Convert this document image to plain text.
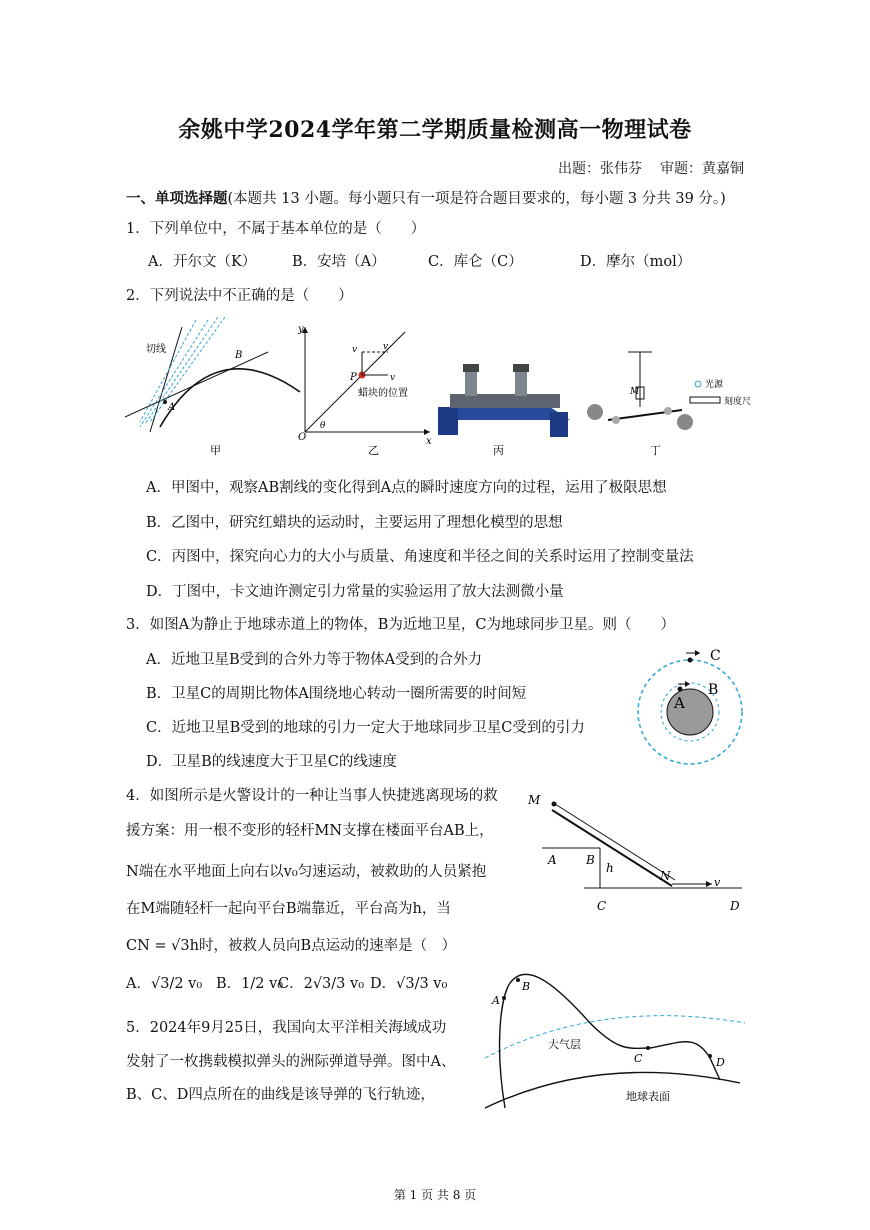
余姚中学2024学年第二学期质量检测高一物理试卷
出题：张伟芬 审题：黄嘉铜
一、单项选择题(本题共 13 小题。每小题只有一项是符合题目要求的，每小题 3 分共 39 分。)
1．下列单位中，不属于基本单位的是（　　）
A．开尔文（K） B．安培（A）	C．库仑（C）	D．摩尔（mol）
2．下列说法中不正确的是（　　）
切线
A
B
甲
y
x
O
θ
P
v	v
v
蜡块的位置
乙	丙
M
光源
刻度尺
丁
A．甲图中，观察AB割线的变化得到A点的瞬时速度方向的过程，运用了极限思想
B．乙图中，研究红蜡块的运动时，主要运用了理想化模型的思想
C．丙图中，探究向心力的大小与质量、角速度和半径之间的关系时运用了控制变量法
D．丁图中，卡文迪许测定引力常量的实验运用了放大法测微小量
3．如图A为静止于地球赤道上的物体，B为近地卫星，C为地球同步卫星。则（　　）
A．近地卫星B受到的合外力等于物体A受到的合外力
B．卫星C的周期比物体A围绕地心转动一圈所需要的时间短
C．近地卫星B受到的地球的引力一定大于地球同步卫星C受到的引力
D．卫星B的线速度大于卫星C的线速度
C
B
A
4．如图所示是火警设计的一种让当事人快捷逃离现场的救
援方案：用一根不变形的轻杆MN支撑在楼面平台AB上，
N端在水平地面上向右以v₀匀速运动，被救助的人员紧抱
在M端随轻杆一起向平台B端靠近，平台高为h，当
CN = √3h时，被救人员向B点运动的速率是（　）
A．√3/2 v₀ B．1/2 v₀
C．2√3/3 v₀ D．√3/3 v₀
M
A B
h
N	v
C	D
5．2024年9月25日，我国向太平洋相关海域成功
发射了一枚携载模拟弹头的洲际弹道导弹。图中A、
B、C、D四点所在的曲线是该导弹的飞行轨迹，
A
B
C	D
大气层
地球表面
第 1 页 共 8 页
